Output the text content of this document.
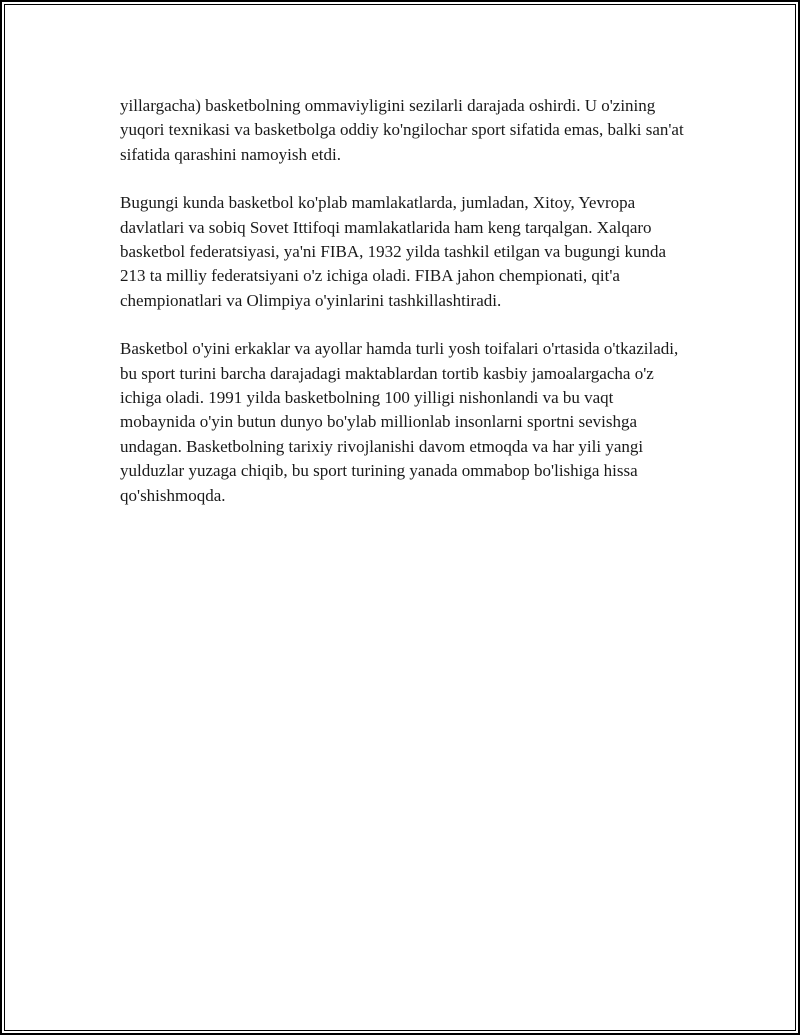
yillargacha) basketbolning ommaviyligini sezilarli darajada oshirdi. U o'zining yuqori texnikasi va basketbolga oddiy ko'ngilochar sport sifatida emas, balki san'at sifatida qarashini namoyish etdi.

Bugungi kunda basketbol ko'plab mamlakatlarda, jumladan, Xitoy, Yevropa davlatlari va sobiq Sovet Ittifoqi mamlakatlarida ham keng tarqalgan. Xalqaro basketbol federatsiyasi, ya'ni FIBA, 1932 yilda tashkil etilgan va bugungi kunda 213 ta milliy federatsiyani o'z ichiga oladi. FIBA jahon chempionati, qit'a chempionatlari va Olimpiya o'yinlarini tashkillashtiradi.

Basketbol o'yini erkaklar va ayollar hamda turli yosh toifalari o'rtasida o'tkaziladi, bu sport turini barcha darajadagi maktablardan tortib kasbiy jamoalargacha o'z ichiga oladi. 1991 yilda basketbolning 100 yilligi nishonlandi va bu vaqt mobaynida o'yin butun dunyo bo'ylab millionlab insonlarni sportni sevishga undagan. Basketbolning tarixiy rivojlanishi davom etmoqda va har yili yangi yulduzlar yuzaga chiqib, bu sport turining yanada ommabop bo'lishiga hissa qo'shishmoqda.
